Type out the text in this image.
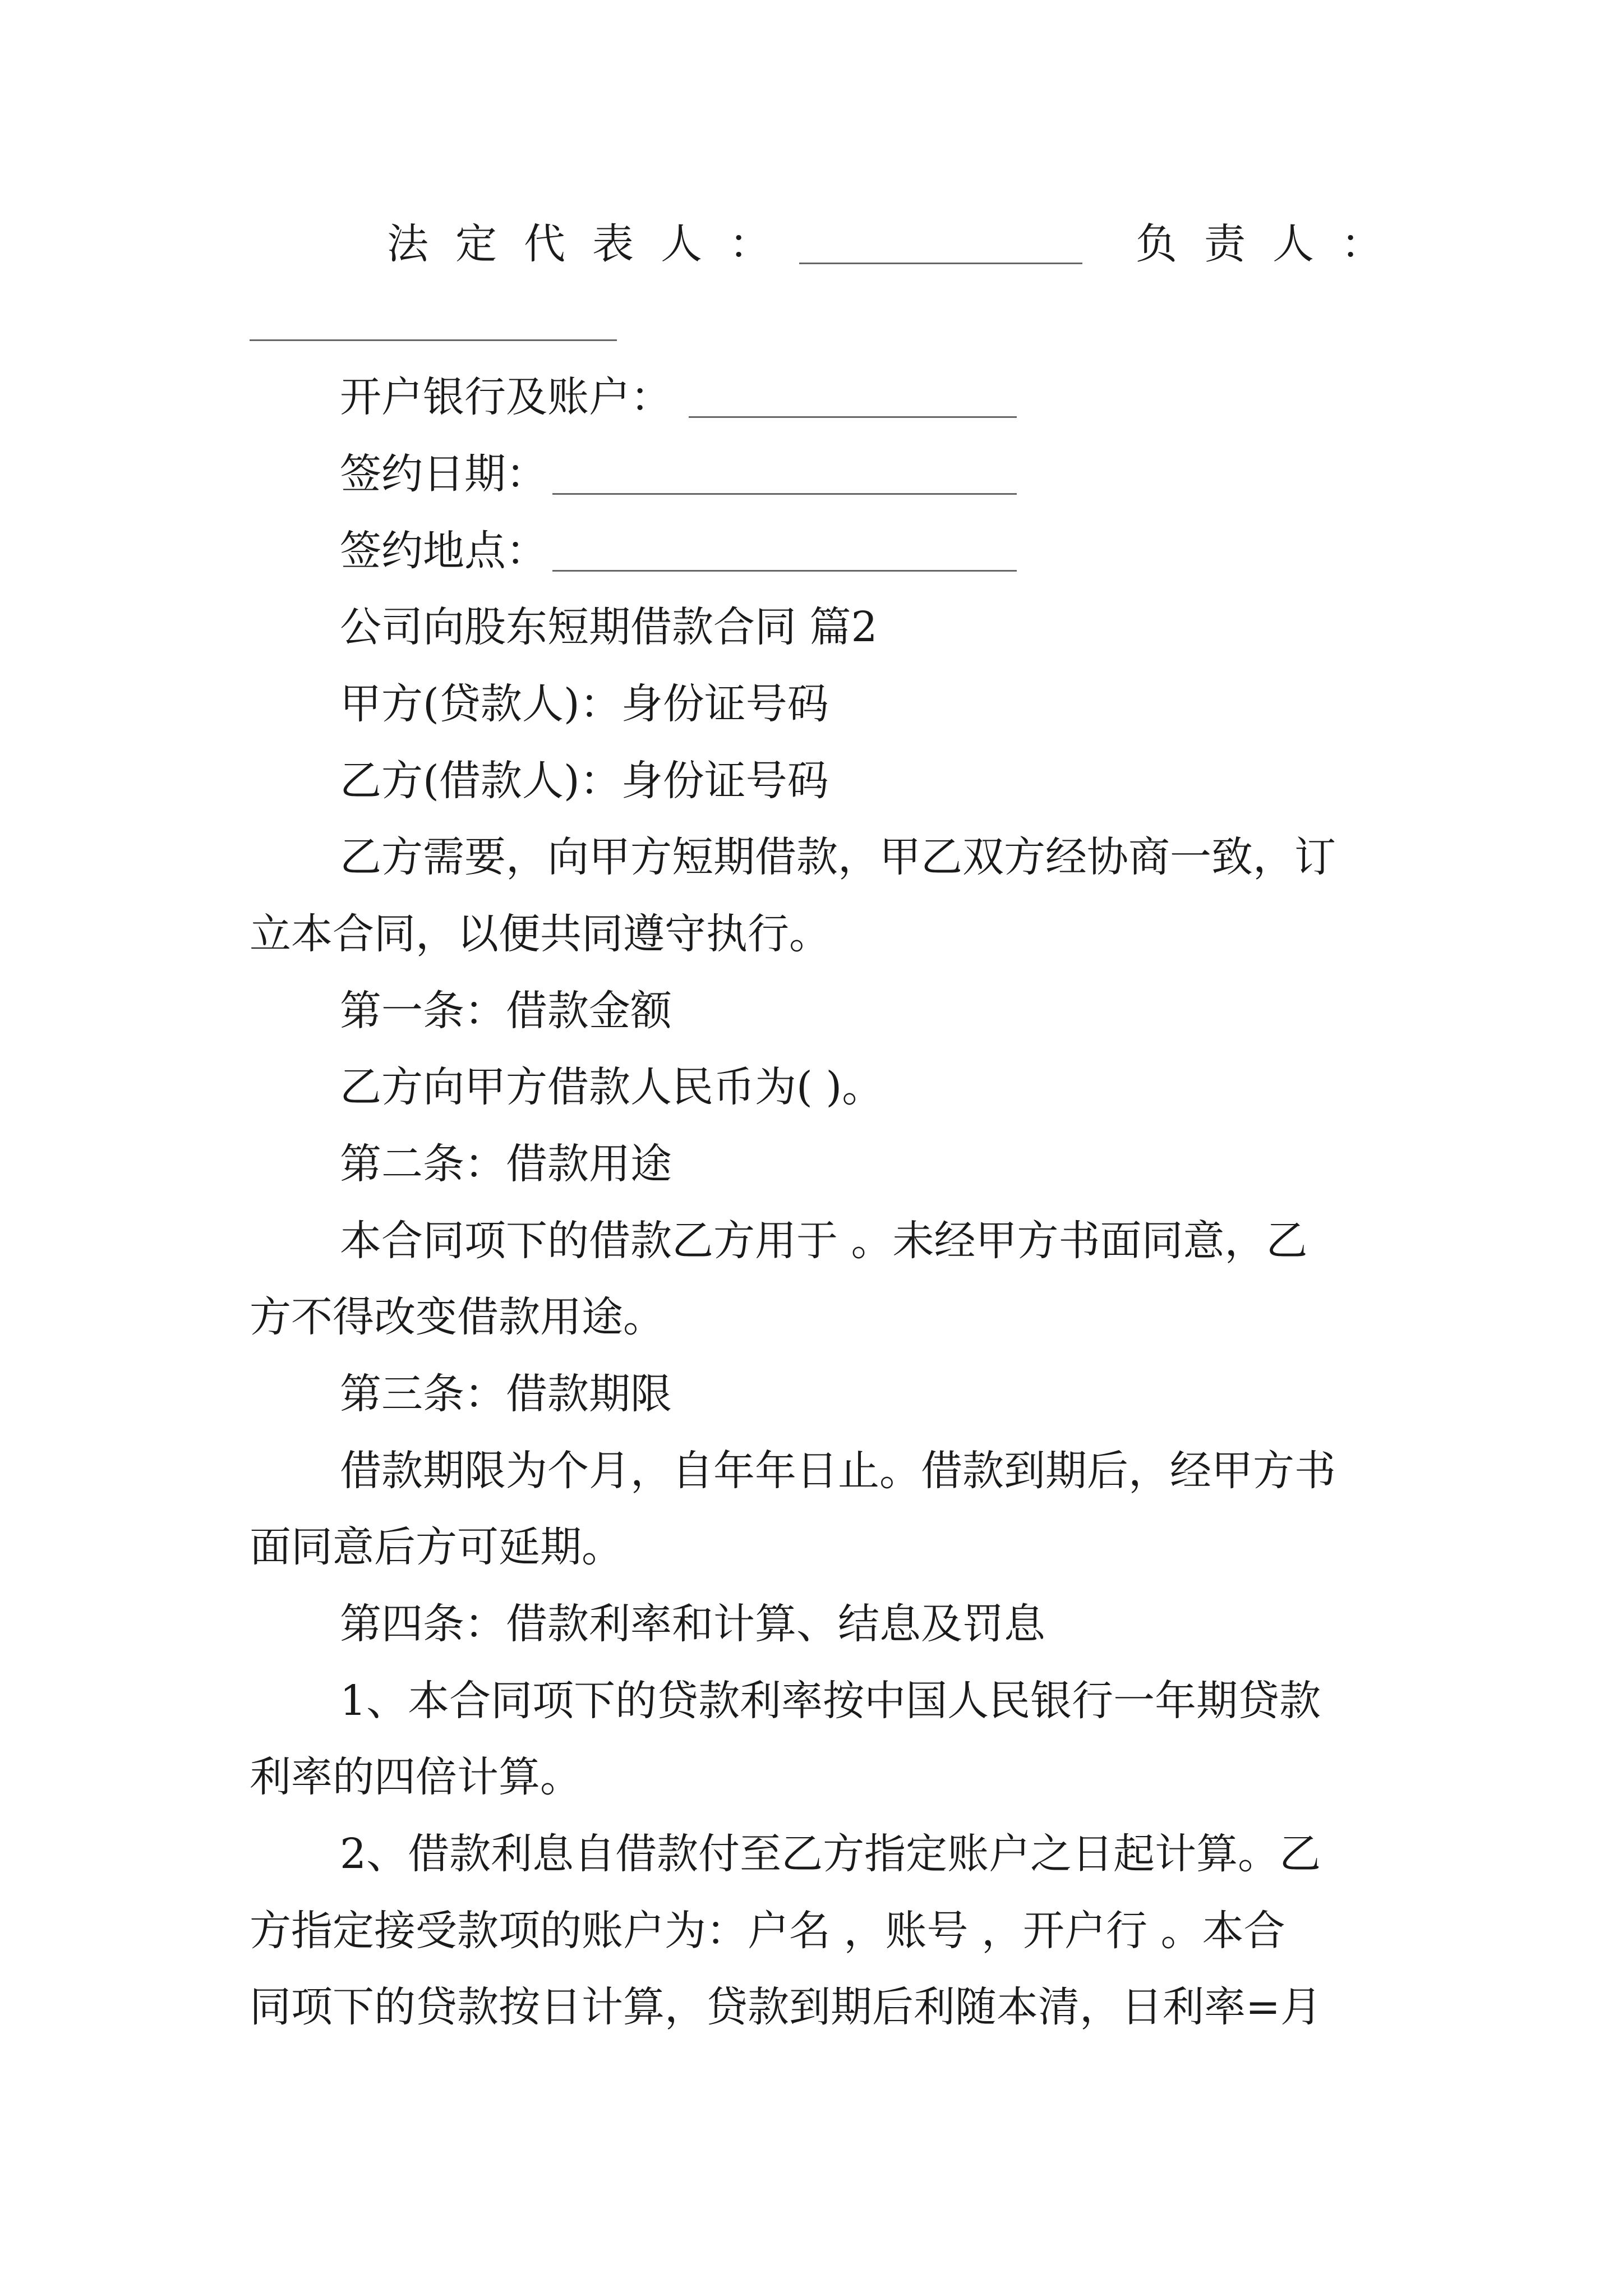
法定代表人：	负责人：
开户银行及账户：
签约日期：
签约地点：
公司向股东短期借款合同 篇2
甲方(贷款人)：身份证号码
乙方(借款人)：身份证号码
乙方需要，向甲方短期借款，甲乙双方经协商一致，订
立本合同，以便共同遵守执行。
第一条：借款金额
乙方向甲方借款人民币为( )。
第二条：借款用途
本合同项下的借款乙方用于 。未经甲方书面同意，乙
方不得改变借款用途。
第三条：借款期限
借款期限为个月，自年年日止。借款到期后，经甲方书
面同意后方可延期。
第四条：借款利率和计算、结息及罚息
1、本合同项下的贷款利率按中国人民银行一年期贷款
利率的四倍计算。
2、借款利息自借款付至乙方指定账户之日起计算。乙
方指定接受款项的账户为：户名 ，账号 ，开户行 。本合
同项下的贷款按日计算，贷款到期后利随本清，日利率=月
